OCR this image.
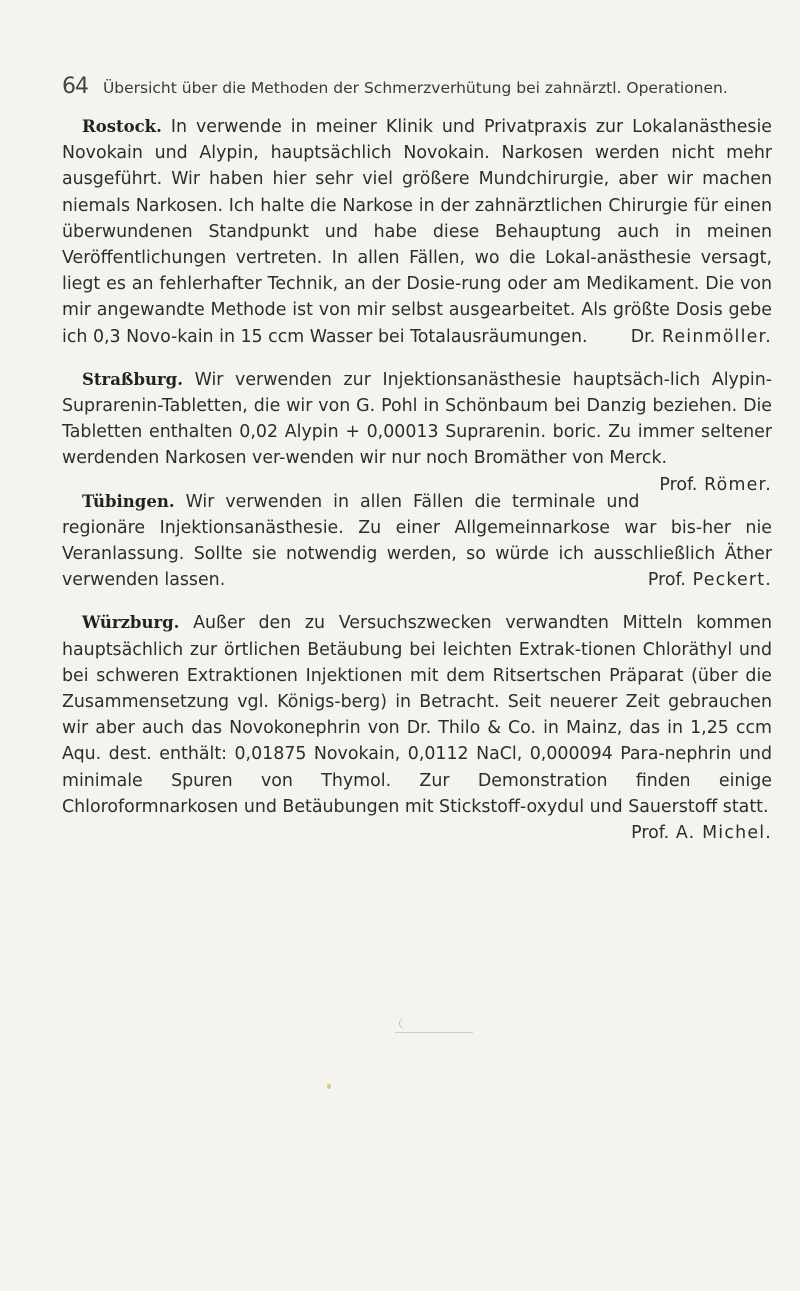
64 Übersicht über die Methoden der Schmerzverhütung bei zahnärztl. Operationen.

Rostock. In verwende in meiner Klinik und Privatpraxis zur Lokalanästhesie Novokain und Alypin, hauptsächlich Novokain. Narkosen werden nicht mehr ausgeführt. Wir haben hier sehr viel größere Mundchirurgie, aber wir machen niemals Narkosen. Ich halte die Narkose in der zahnärztlichen Chirurgie für einen überwundenen Standpunkt und habe diese Behauptung auch in meinen Veröffentlichungen vertreten. In allen Fällen, wo die Lokal-anästhesie versagt, liegt es an fehlerhafter Technik, an der Dosie-rung oder am Medikament. Die von mir angewandte Methode ist von mir selbst ausgearbeitet. Als größte Dosis gebe ich 0,3 Novo-kain in 15 ccm Wasser bei Totalausräumungen.	Dr. Reinmöller.

Straßburg. Wir verwenden zur Injektionsanästhesie hauptsäch-lich Alypin-Suprarenin-Tabletten, die wir von G. Pohl in Schönbaum bei Danzig beziehen. Die Tabletten enthalten 0,02 Alypin + 0,00013 Suprarenin. boric. Zu immer seltener werdenden Narkosen ver-wenden wir nur noch Bromäther von Merck.
Prof. Römer.

Tübingen. Wir verwenden in allen Fällen die terminale und regionäre Injektionsanästhesie. Zu einer Allgemeinnarkose war bis-her nie Veranlassung. Sollte sie notwendig werden, so würde ich ausschließlich Äther verwenden lassen.	Prof. Peckert.

Würzburg. Außer den zu Versuchszwecken verwandten Mitteln kommen hauptsächlich zur örtlichen Betäubung bei leichten Extrak-tionen Chloräthyl und bei schweren Extraktionen Injektionen mit dem Ritsertschen Präparat (über die Zusammensetzung vgl. Königs-berg) in Betracht. Seit neuerer Zeit gebrauchen wir aber auch das Novokonephrin von Dr. Thilo & Co. in Mainz, das in 1,25 ccm Aqu. dest. enthält: 0,01875 Novokain, 0,0112 NaCl, 0,000094 Para-nephrin und minimale Spuren von Thymol. Zur Demonstration finden einige Chloroformnarkosen und Betäubungen mit Stickstoff-oxydul und Sauerstoff statt.
Prof. A. Michel.
